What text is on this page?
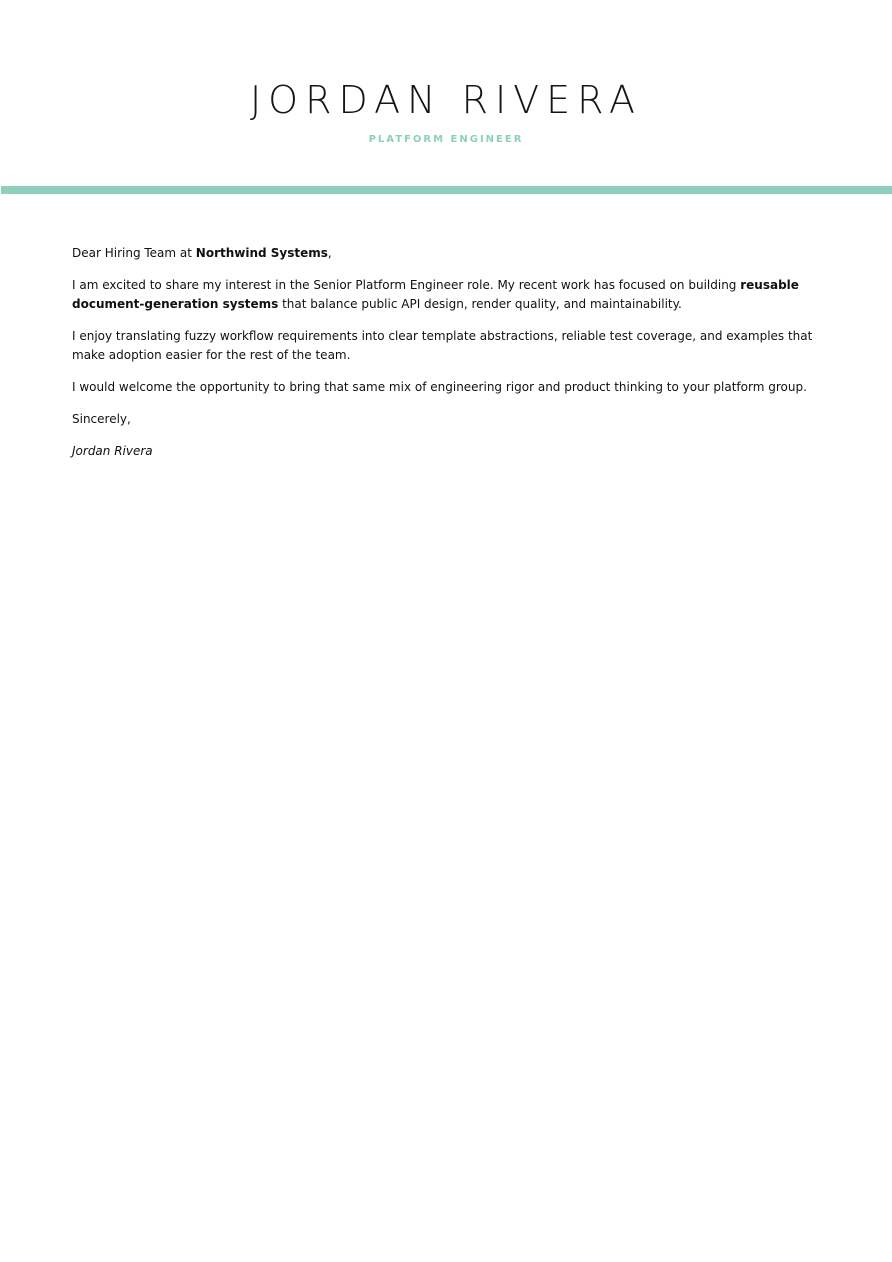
JORDAN RIVERA
PLATFORM ENGINEER

Dear Hiring Team at Northwind Systems,

I am excited to share my interest in the Senior Platform Engineer role. My recent work has focused on building reusable document-generation systems that balance public API design, render quality, and maintainability.

I enjoy translating fuzzy workflow requirements into clear template abstractions, reliable test coverage, and examples that make adoption easier for the rest of the team.

I would welcome the opportunity to bring that same mix of engineering rigor and product thinking to your platform group.

Sincerely,

Jordan Rivera
